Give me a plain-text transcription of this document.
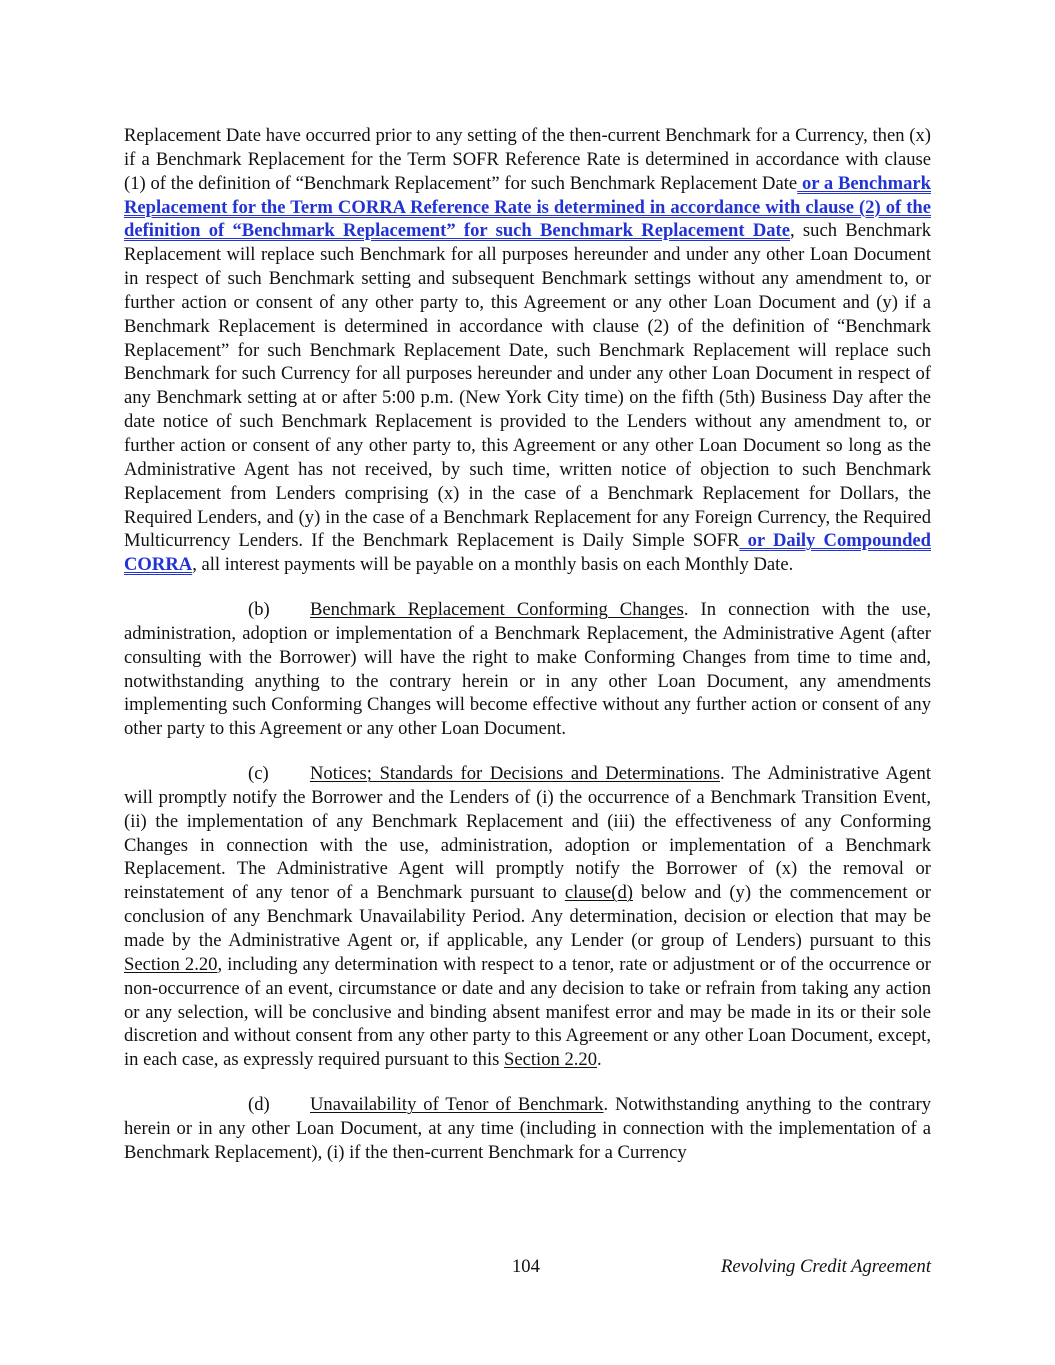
Replacement Date have occurred prior to any setting of the then-current Benchmark for a Currency, then (x) if a Benchmark Replacement for the Term SOFR Reference Rate is determined in accordance with clause (1) of the definition of “Benchmark Replacement” for such Benchmark Replacement Date or a Benchmark Replacement for the Term CORRA Reference Rate is determined in accordance with clause (2) of the definition of “Benchmark Replacement” for such Benchmark Replacement Date, such Benchmark Replacement will replace such Benchmark for all purposes hereunder and under any other Loan Document in respect of such Benchmark setting and subsequent Benchmark settings without any amendment to, or further action or consent of any other party to, this Agreement or any other Loan Document and (y) if a Benchmark Replacement is determined in accordance with clause (2) of the definition of “Benchmark Replacement” for such Benchmark Replacement Date, such Benchmark Replacement will replace such Benchmark for such Currency for all purposes hereunder and under any other Loan Document in respect of any Benchmark setting at or after 5:00 p.m. (New York City time) on the fifth (5th) Business Day after the date notice of such Benchmark Replacement is provided to the Lenders without any amendment to, or further action or consent of any other party to, this Agreement or any other Loan Document so long as the Administrative Agent has not received, by such time, written notice of objection to such Benchmark Replacement from Lenders comprising (x) in the case of a Benchmark Replacement for Dollars, the Required Lenders, and (y) in the case of a Benchmark Replacement for any Foreign Currency, the Required Multicurrency Lenders. If the Benchmark Replacement is Daily Simple SOFR or Daily Compounded CORRA, all interest payments will be payable on a monthly basis on each Monthly Date.

(b) Benchmark Replacement Conforming Changes. In connection with the use, administration, adoption or implementation of a Benchmark Replacement, the Administrative Agent (after consulting with the Borrower) will have the right to make Conforming Changes from time to time and, notwithstanding anything to the contrary herein or in any other Loan Document, any amendments implementing such Conforming Changes will become effective without any further action or consent of any other party to this Agreement or any other Loan Document.

(c) Notices; Standards for Decisions and Determinations. The Administrative Agent will promptly notify the Borrower and the Lenders of (i) the occurrence of a Benchmark Transition Event, (ii) the implementation of any Benchmark Replacement and (iii) the effectiveness of any Conforming Changes in connection with the use, administration, adoption or implementation of a Benchmark Replacement. The Administrative Agent will promptly notify the Borrower of (x) the removal or reinstatement of any tenor of a Benchmark pursuant to clause(d) below and (y) the commencement or conclusion of any Benchmark Unavailability Period. Any determination, decision or election that may be made by the Administrative Agent or, if applicable, any Lender (or group of Lenders) pursuant to this Section 2.20, including any determination with respect to a tenor, rate or adjustment or of the occurrence or non-occurrence of an event, circumstance or date and any decision to take or refrain from taking any action or any selection, will be conclusive and binding absent manifest error and may be made in its or their sole discretion and without consent from any other party to this Agreement or any other Loan Document, except, in each case, as expressly required pursuant to this Section 2.20.

(d) Unavailability of Tenor of Benchmark. Notwithstanding anything to the contrary herein or in any other Loan Document, at any time (including in connection with the implementation of a Benchmark Replacement), (i) if the then-current Benchmark for a Currency

104	Revolving Credit Agreement
